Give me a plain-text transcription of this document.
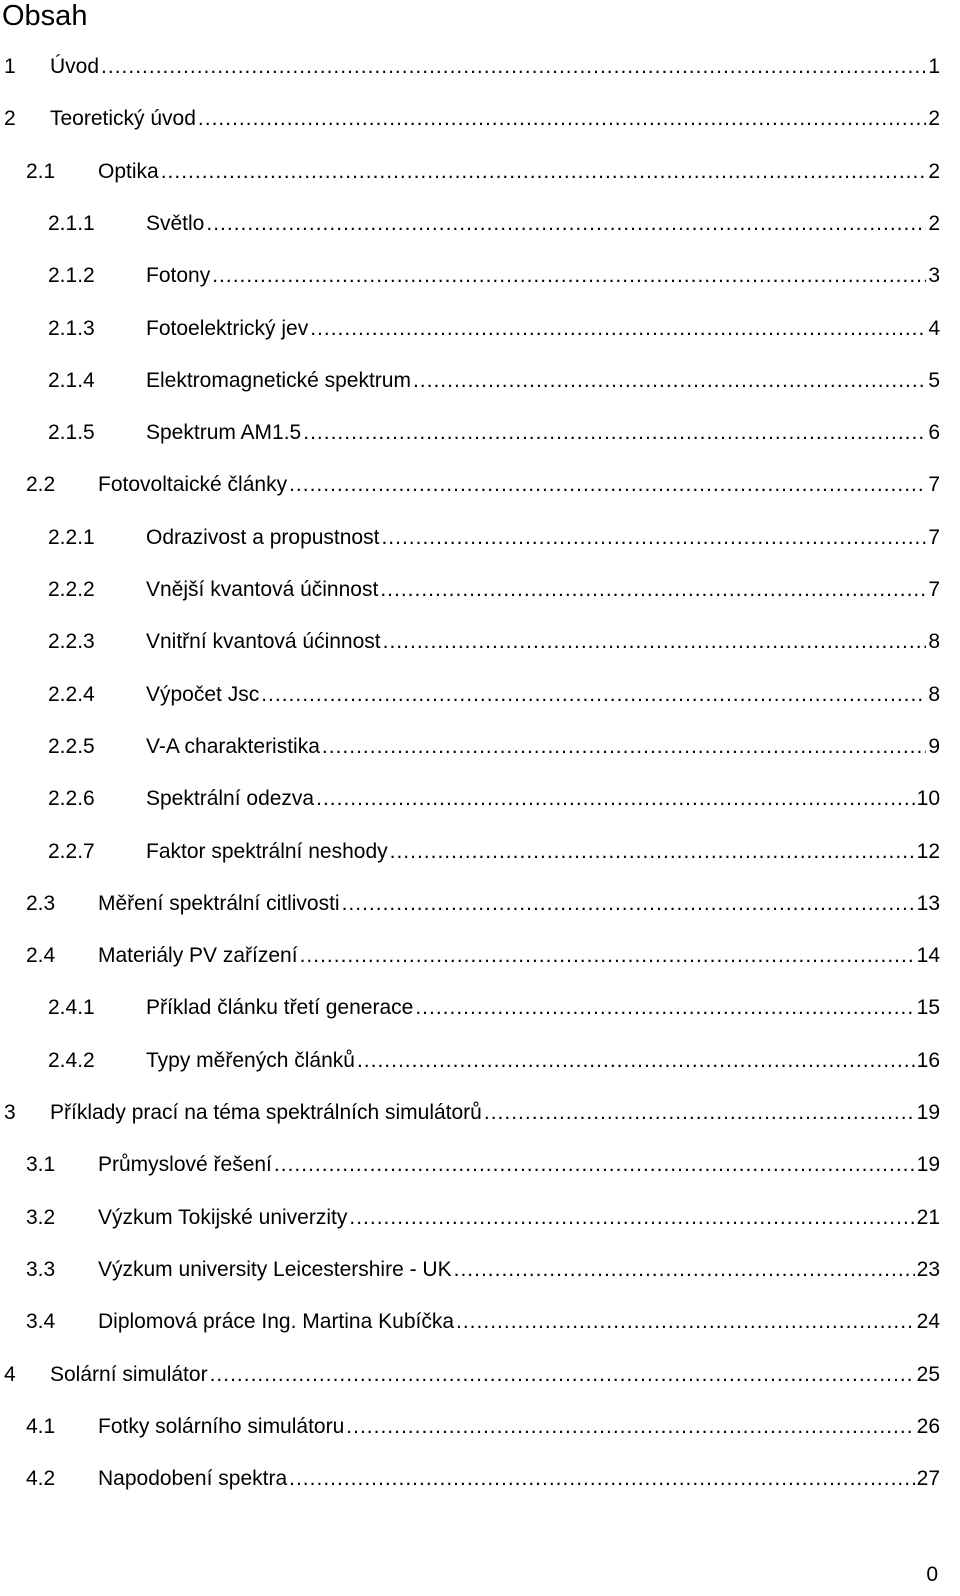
Obsah
1 Úvod .....	1
2 Teoretický úvod .....	2
2.1 Optika .....	2
2.1.1 Světlo .....	2
2.1.2 Fotony .....	3
2.1.3 Fotoelektrický jev .....	4
2.1.4 Elektromagnetické spektrum .....	5
2.1.5 Spektrum AM1.5 .....	6
2.2 Fotovoltaické články .....	7
2.2.1 Odrazivost a propustnost .....	7
2.2.2 Vnější kvantová účinnost .....	7
2.2.3 Vnitřní kvantová úćinnost .....	8
2.2.4 Výpočet Jsc .....	8
2.2.5 V-A charakteristika .....	9
2.2.6 Spektrální odezva .....	10
2.2.7 Faktor spektrální neshody .....	12
2.3 Měření spektrální citlivosti .....	13
2.4 Materiály PV zařízení .....	14
2.4.1 Příklad článku třetí generace .....	15
2.4.2 Typy měřených článků .....	16
3 Příklady prací na téma spektrálních simulátorů .....	19
3.1 Průmyslové řešení .....	19
3.2 Výzkum Tokijské univerzity .....	21
3.3 Výzkum university Leicestershire - UK .....	23
3.4 Diplomová práce Ing. Martina Kubíčka .....	24
4 Solární simulátor .....	25
4.1 Fotky solárního simulátoru .....	26
4.2 Napodobení spektra .....	27
0
